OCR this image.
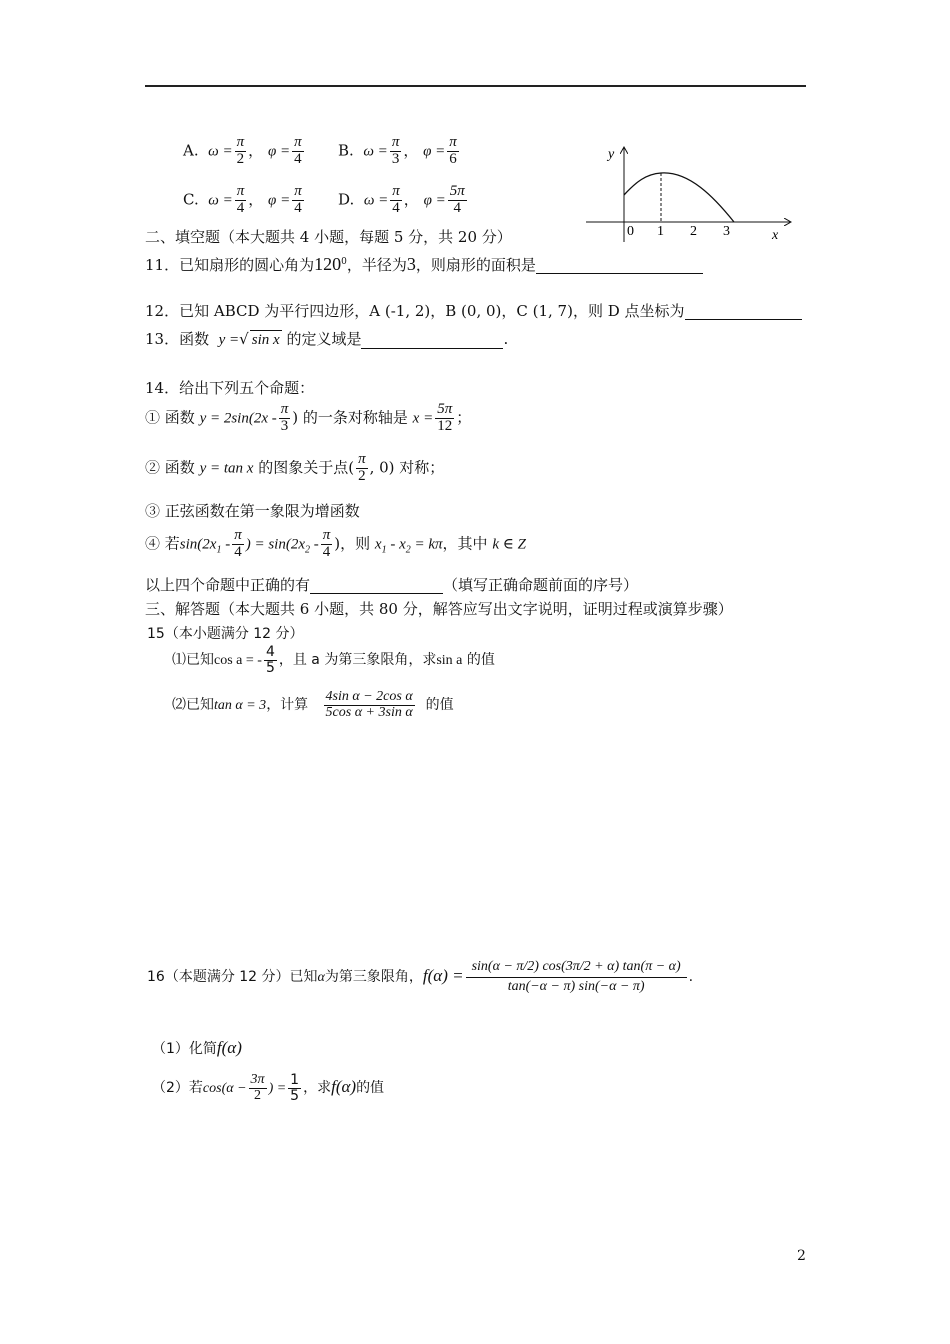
A. $\omega = \frac{\pi}{2}$ ， $\varphi = \frac{\pi}{4} B$. $\omega = \frac{\pi}{3}$ ， $\varphi = \frac{\pi}{6}$
C. $\omega = \frac{\pi}{4}$ ， $\varphi = \frac{\pi}{4} D$. $\omega = \frac{\pi}{4}$ ， $\varphi = \frac{5\pi}{4}$
y
x
0 1 2 3
二、填空题（本大题共 4 小题，每题 5 分，共 20 分）
11．已知扇形的圆心角为$120^0$，半径为3，则扇形的面积是
12．已知 ABCD 为平行四边形，A (-1, 2)，B (0, 0)，C (1, 7)，则 D 点坐标为
13．函数 y =√ sin x 的定义域是	.
14．给出下列五个命题：
① 函数 $y = 2\sin(2x - \frac{\pi}{3}$ ) 的一条对称轴是 $x = \frac{5\pi}{12}$ ；
② 函数 y = tan x 的图象关于点( $\frac{\pi}{2}$ , 0) 对称；
③ 正弦函数在第一象限为增函数
④ 若$\sin(2x_1 - \frac{\pi}{4}$ ) = $\sin(2x_2 - \frac{\pi}{4}$ )，则 $x_1 - x_2 = k\pi$，其中 k ∈ Z
以上四个命题中正确的有	（填写正确命题前面的序号）
三、解答题（本大题共 6 小题，共 80 分，解答应写出文字说明，证明过程或演算步骤）
15（本小题满分 12 分）
⑴已知cos a = - $\frac{4}{5}$ ，且 a 为第三象限角，求sin a 的值
⑵已知tan α = 3，计算 $\frac{\text{4sin α − 2cos α}}{\text{5cos α + 3sin α}}$ 的值
16（本题满分 12 分）已知α为第三象限角，$f(\alpha) = \frac{\sin(\alpha - \pi/2) \cos(3\pi/2 + \alpha) \tan(\pi - \alpha)}{\tan(-\alpha - \pi) \sin(-\alpha - \pi)}$ .
（1）化简f(α)
（2）若$\cos(\alpha - \frac{3\pi}{2}$ ) = $\frac{1}{5}$ ，求f(α)的值
2
